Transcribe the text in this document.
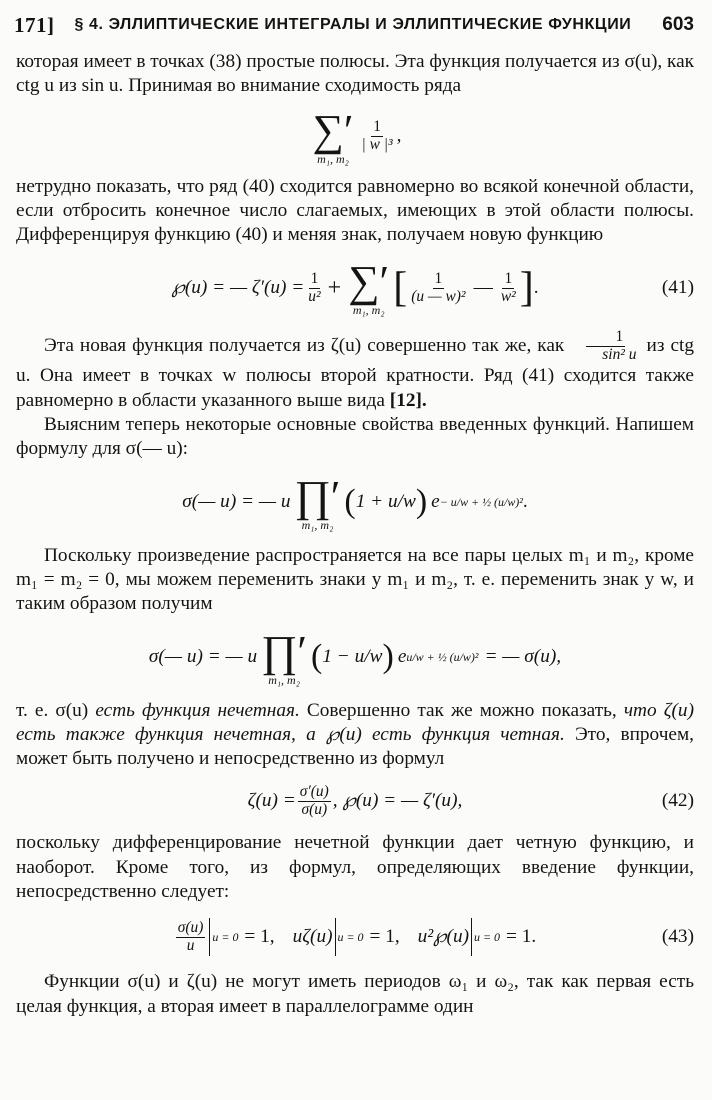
171]	§ 4. ЭЛЛИПТИЧЕСКИЕ ИНТЕГРАЛЫ И ЭЛЛИПТИЧЕСКИЕ ФУНКЦИИ	603

которая имеет в точках (38) простые полюсы. Эта функция получается из σ(u), как ctg u из sin u. Принимая во внимание сходимость ряда

∑′
m₁, m₂
$\frac{1}{\text{| w |³}}$ ,

нетрудно показать, что ряд (40) сходится равномерно во всякой конечной области, если отбросить конечное число слагаемых, имеющих в этой области полюсы. Дифференцируя функцию (40) и меняя знак, получаем новую функцию

℘(u) = — $\zeta'(u) = \frac{1}{\text{u²}}$ + ∑′
m₁, m₂ [ $\frac{1}{\text{(u — w)²}}$ — $\frac{1}{\text{w²}}$ ] .	(41)

Эта новая функция получается из ζ(u) совершенно так же, как $\frac{1}{\text{sin² u}}$ из ctg u. Она имеет в точках w полюсы второй кратности. Ряд (41) сходится также равномерно в области указанного выше вида [12].

Выясним теперь некоторые основные свойства введенных функций. Напишем формулу для σ(— u):

σ(— u) = — u ∏′
m₁, m₂
( 1 + u/w ) e − u/w + ½ (u/w)² .

Поскольку произведение распространяется на все пары целых m₁ и m₂, кроме m₁ = m₂ = 0, мы можем переменить знаки у m₁ и m₂, т. е. переменить знак у w, и таким образом получим

σ(— u) = — u ∏′
m₁, m₂
( 1 − u/w ) e u/w + ½ (u/w)² = — σ(u),

т. е. σ(u) есть функция нечетная. Совершенно так же можно показать, что ζ(u) есть также функция нечетная, а ℘(u) есть функция четная. Это, впрочем, может быть получено и непосредственно из формул

$\zeta(u) = \frac{\sigma'(u)}{\sigma(u)}$ , ℘(u) = — ζ′(u),	(42)

поскольку дифференцирование нечетной функции дает четную функцию, и наоборот. Кроме того, из формул, определяющих введение функции, непосредственно следует:

$\frac{\sigma(u)}{u}$ u = 0 = 1, uζ(u) u = 0 = 1, u²℘(u) u = 0 = 1.	(43)

Функции σ(u) и ζ(u) не могут иметь периодов ω₁ и ω₂, так как первая есть целая функция, а вторая имеет в параллелограмме один
